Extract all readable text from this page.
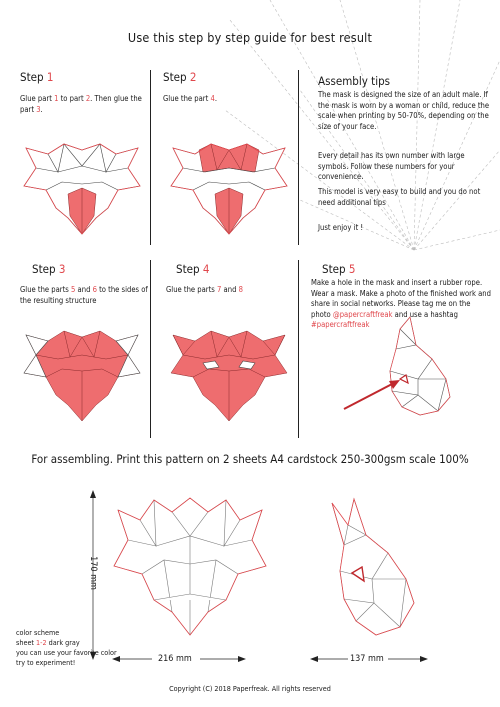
Use this step by step guide for best result
Step 1
Glue part 1 to part 2. Then glue the part 3.
Step 2
Glue the part 4.
Assembly tips
The mask is designed the size of an adult male. If the mask is worn by a woman or child, reduce the scale when printing by 50-70%, depending on the size of your face.
Every detail has its own number with large symbols. Follow these numbers for your convenience.
This model is very easy to build and you do not need additional tips
Just enjoy it !
Step 3
Glue the parts 5 and 6 to the sides of the resulting structure
Step 4
Glue the parts 7 and 8
Step 5
Make a hole in the mask and insert a rubber rope. Wear a mask. Make a photo of the finished work and share in social networks. Please tag me on the photo @papercraftfreak and use a hashtag #papercraftfreak
For assembling. Print this pattern on 2 sheets A4 cardstock 250-300gsm scale 100%
170 mm
216 mm	137 mm
color scheme
sheet 1-2 dark gray
you can use your favorite color
try to experiment!
Copyright (C) 2018 Paperfreak. All rights reserved
